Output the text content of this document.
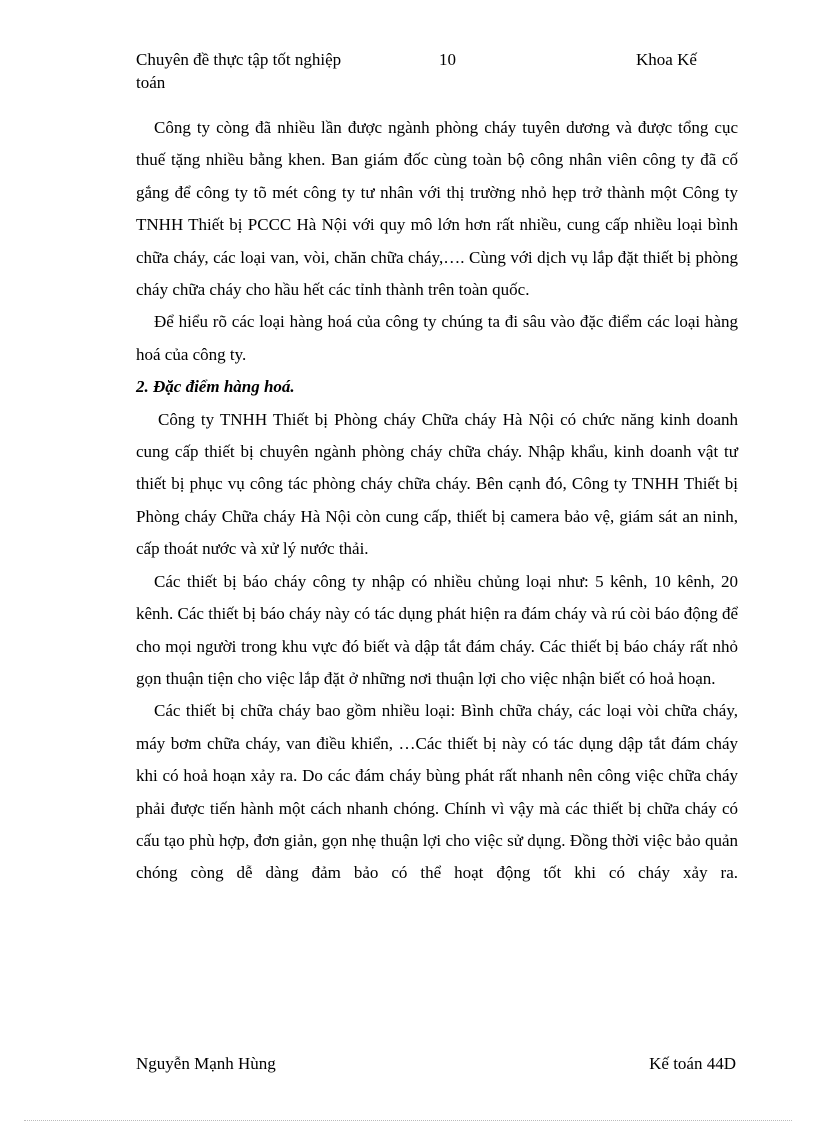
Chuyên đề thực tập tốt nghiệp
toán
10	Khoa Kế

Công ty còng đã nhiều lần được ngành phòng cháy tuyên dương và được tổng cục thuế tặng nhiều bằng khen. Ban giám đốc cùng toàn bộ công nhân viên công ty đã cố gắng để công ty tõ mét công ty tư nhân với thị trường nhỏ hẹp trở thành một Công ty TNHH Thiết bị PCCC Hà Nội với quy mô lớn hơn rất nhiều, cung cấp nhiều loại bình chữa cháy, các loại van, vòi, chăn chữa cháy,…. Cùng với dịch vụ lắp đặt thiết bị phòng cháy chữa cháy cho hầu hết các tỉnh thành trên toàn quốc.

Để hiểu rõ các loại hàng hoá của công ty chúng ta đi sâu vào đặc điểm các loại hàng hoá của công ty.

2. Đặc điểm hàng hoá.

Công ty TNHH Thiết bị Phòng cháy Chữa cháy Hà Nội có chức năng kinh doanh cung cấp thiết bị chuyên ngành phòng cháy chữa cháy. Nhập khẩu, kinh doanh vật tư thiết bị phục vụ công tác phòng cháy chữa cháy. Bên cạnh đó, Công ty TNHH Thiết bị Phòng cháy Chữa cháy Hà Nội còn cung cấp, thiết bị camera bảo vệ, giám sát an ninh, cấp thoát nước và xử lý nước thải.

Các thiết bị báo cháy công ty nhập có nhiều chủng loại như: 5 kênh, 10 kênh, 20 kênh. Các thiết bị báo cháy này có tác dụng phát hiện ra đám cháy và rú còi báo động để cho mọi người trong khu vực đó biết và dập tắt đám cháy. Các thiết bị báo cháy rất nhỏ gọn thuận tiện cho việc lắp đặt ở những nơi thuận lợi cho việc nhận biết có hoả hoạn.

Các thiết bị chữa cháy bao gồm nhiều loại: Bình chữa cháy, các loại vòi chữa cháy, máy bơm chữa cháy, van điều khiển, …Các thiết bị này có tác dụng dập tắt đám cháy khi có hoả hoạn xảy ra. Do các đám cháy bùng phát rất nhanh nên công việc chữa cháy phải được tiến hành một cách nhanh chóng. Chính vì vậy mà các thiết bị chữa cháy có cấu tạo phù hợp, đơn giản, gọn nhẹ thuận lợi cho việc sử dụng. Đồng thời việc bảo quản chóng còng dễ dàng đảm bảo có thể hoạt động tốt khi có cháy xảy ra.

Nguyễn Mạnh Hùng	Kế toán 44D
